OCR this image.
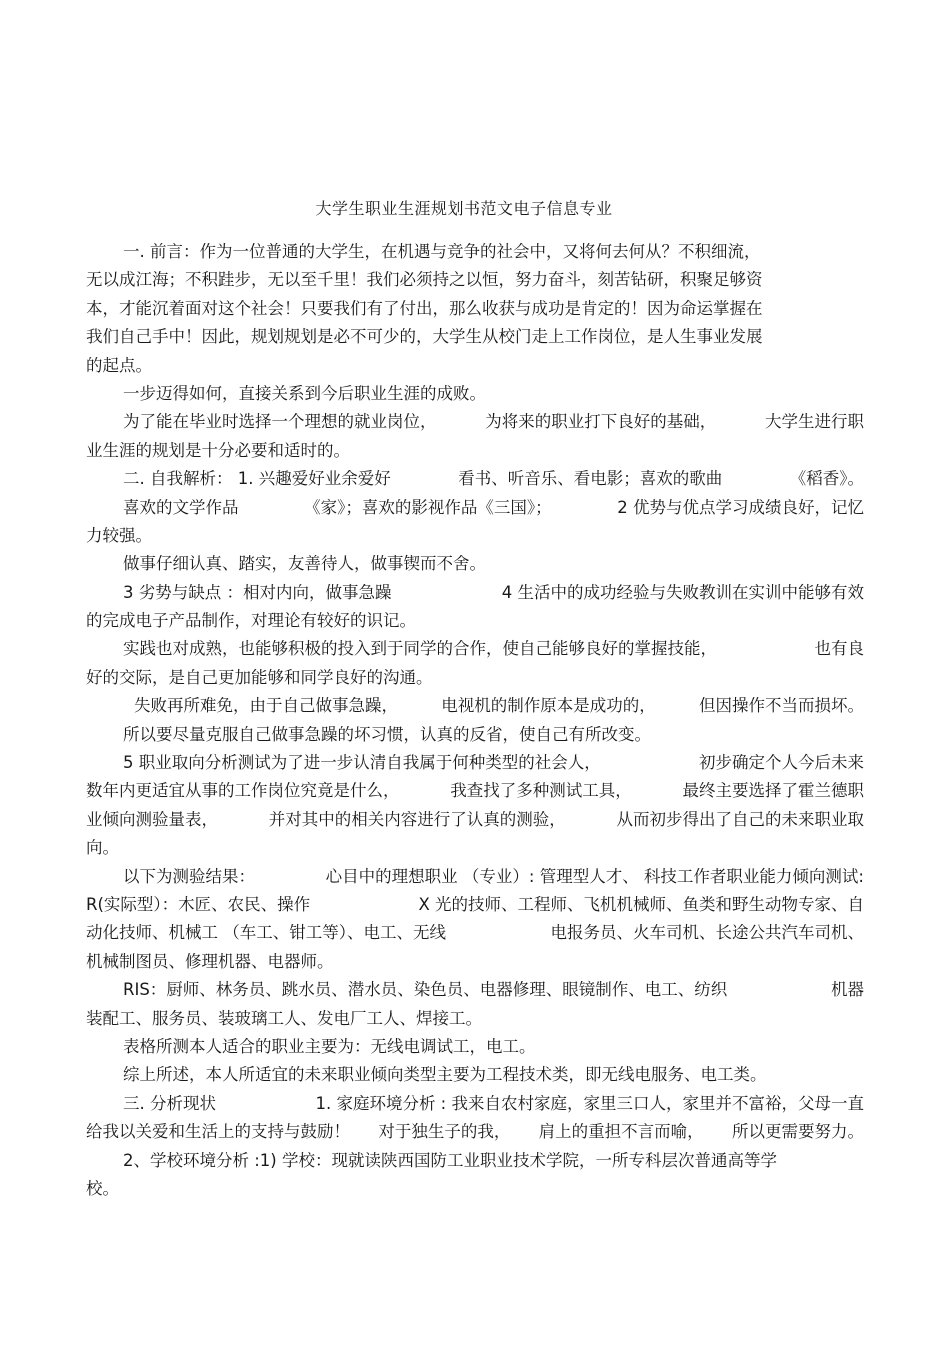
大学生职业生涯规划书范文电子信息专业
一. 前言：作为一位普通的大学生，在机遇与竞争的社会中，又将何去何从？不积细流，
无以成江海；不积跬步，无以至千里！我们必须持之以恒，努力奋斗，刻苦钻研，积聚足够资
本，才能沉着面对这个社会！只要我们有了付出，那么收获与成功是肯定的！因为命运掌握在
我们自己手中！因此，规划规划是必不可少的，大学生从校门走上工作岗位，是人生事业发展
的起点。
一步迈得如何，直接关系到今后职业生涯的成败。
为了能在毕业时选择一个理想的就业岗位，	为将来的职业打下良好的基础，	大学生进行职
业生涯的规划是十分必要和适时的。
二. 自我解析： 1. 兴趣爱好业余爱好	看书、听音乐、看电影；喜欢的歌曲	《稻香》。
喜欢的文学作品	《家》；喜欢的影视作品《三国》；	2 优势与优点学习成绩良好，记忆
力较强。
做事仔细认真、踏实，友善待人，做事锲而不舍。
3 劣势与缺点 ：相对内向，做事急躁	4 生活中的成功经验与失败教训在实训中能够有效
的完成电子产品制作，对理论有较好的识记。
实践也对成熟，也能够积极的投入到于同学的合作，使自己能够良好的掌握技能，	也有良
好的交际，是自己更加能够和同学良好的沟通。
失败再所难免，由于自己做事急躁，	电视机的制作原本是成功的，	但因操作不当而损坏。
所以要尽量克服自己做事急躁的坏习惯，认真的反省，使自己有所改变。
5 职业取向分析测试为了进一步认清自我属于何种类型的社会人，	初步确定个人今后未来
数年内更适宜从事的工作岗位究竟是什么，	我查找了多种测试工具，	最终主要选择了霍兰德职
业倾向测验量表，	并对其中的相关内容进行了认真的测验，	从而初步得出了自己的未来职业取
向。
以下为测验结果：	心目中的理想职业 （专业）: 管理型人才、 科技工作者职业能力倾向测试:
R(实际型）：木匠、农民、操作	X 光的技师、工程师、飞机机械师、鱼类和野生动物专家、自
动化技师、机械工 （车工、钳工等）、电工、无线	电报务员、火车司机、长途公共汽车司机、
机械制图员、修理机器、电器师。
RIS：厨师、林务员、跳水员、潜水员、染色员、电器修理、眼镜制作、电工、纺织	机器
装配工、服务员、装玻璃工人、发电厂工人、焊接工。
表格所测本人适合的职业主要为：无线电调试工，电工。
综上所述，本人所适宜的未来职业倾向类型主要为工程技术类，即无线电服务、电工类。
三. 分析现状	1. 家庭环境分析 : 我来自农村家庭，家里三口人，家里并不富裕，父母一直
给我以关爱和生活上的支持与鼓励！ 对于独生子的我， 肩上的重担不言而喻， 所以更需要努力。
2、学校环境分析 :1) 学校：现就读陕西国防工业职业技术学院，一所专科层次普通高等学
校。
